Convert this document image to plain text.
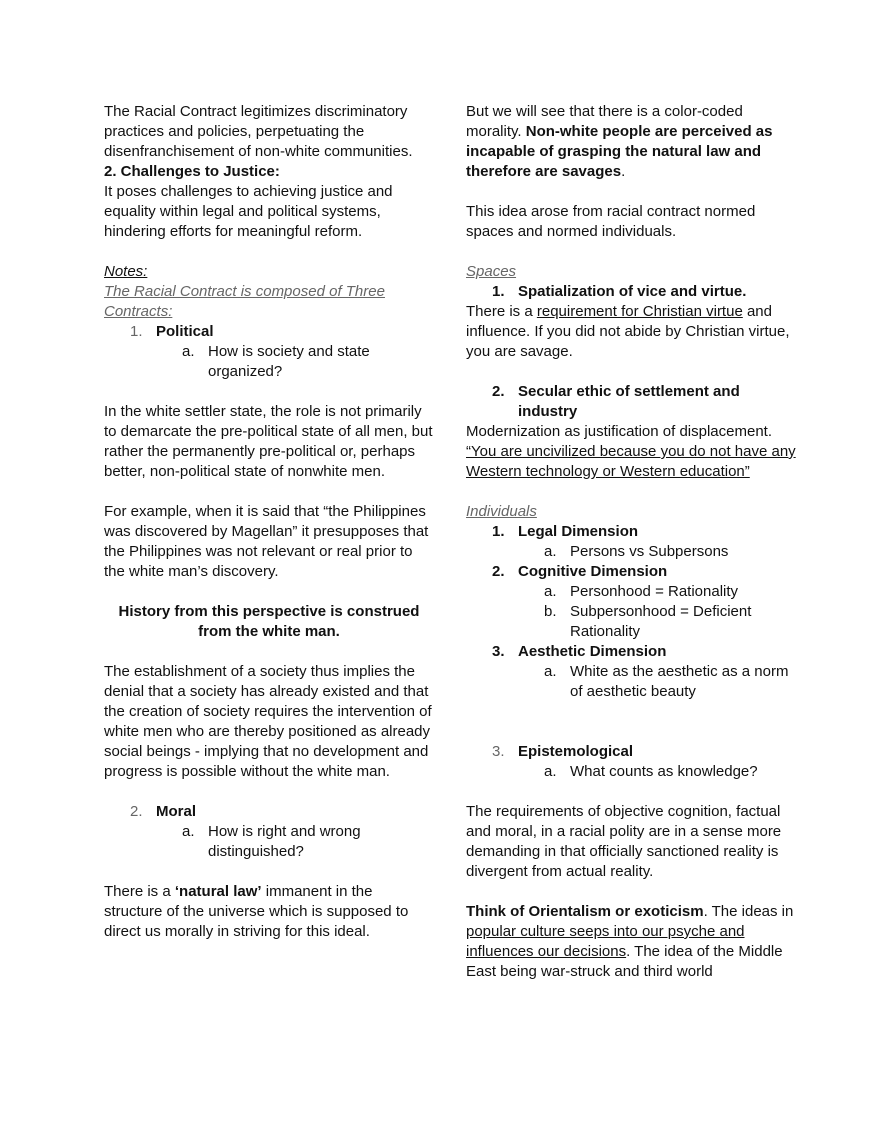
The Racial Contract legitimizes discriminatory practices and policies, perpetuating the disenfranchisement of non-white communities.

2. Challenges to Justice:

It poses challenges to achieving justice and equality within legal and political systems, hindering efforts for meaningful reform.

Notes:

The Racial Contract is composed of Three Contracts:

1. Political
a. How is society and state organized?

In the white settler state, the role is not primarily to demarcate the pre-political state of all men, but rather the permanently pre-political or, perhaps better, non-political state of nonwhite men.

For example, when it is said that “the Philippines was discovered by Magellan” it presupposes that the Philippines was not relevant or real prior to the white man’s discovery.

History from this perspective is construed from the white man.

The establishment of a society thus implies the denial that a society has already existed and that the creation of society requires the intervention of white men who are thereby positioned as already social beings - implying that no development and progress is possible without the white man.

2. Moral
a. How is right and wrong distinguished?

There is a ‘natural law’ immanent in the structure of the universe which is supposed to direct us morally in striving for this ideal.

But we will see that there is a color-coded morality. Non-white people are perceived as incapable of grasping the natural law and therefore are savages.

This idea arose from racial contract normed spaces and normed individuals.

Spaces

1. Spatialization of vice and virtue.

There is a requirement for Christian virtue and influence. If you did not abide by Christian virtue, you are savage.

2. Secular ethic of settlement and industry

Modernization as justification of displacement.

“You are uncivilized because you do not have any Western technology or Western education”

Individuals

1. Legal Dimension
a. Persons vs Subpersons
2. Cognitive Dimension
a. Personhood = Rationality
b. Subpersonhood = Deficient Rationality
3. Aesthetic Dimension
a. White as the aesthetic as a norm of aesthetic beauty
3. Epistemological
a. What counts as knowledge?

The requirements of objective cognition, factual and moral, in a racial polity are in a sense more demanding in that officially sanctioned reality is divergent from actual reality.

Think of Orientalism or exoticism. The ideas in popular culture seeps into our psyche and influences our decisions. The idea of the Middle East being war-struck and third world
